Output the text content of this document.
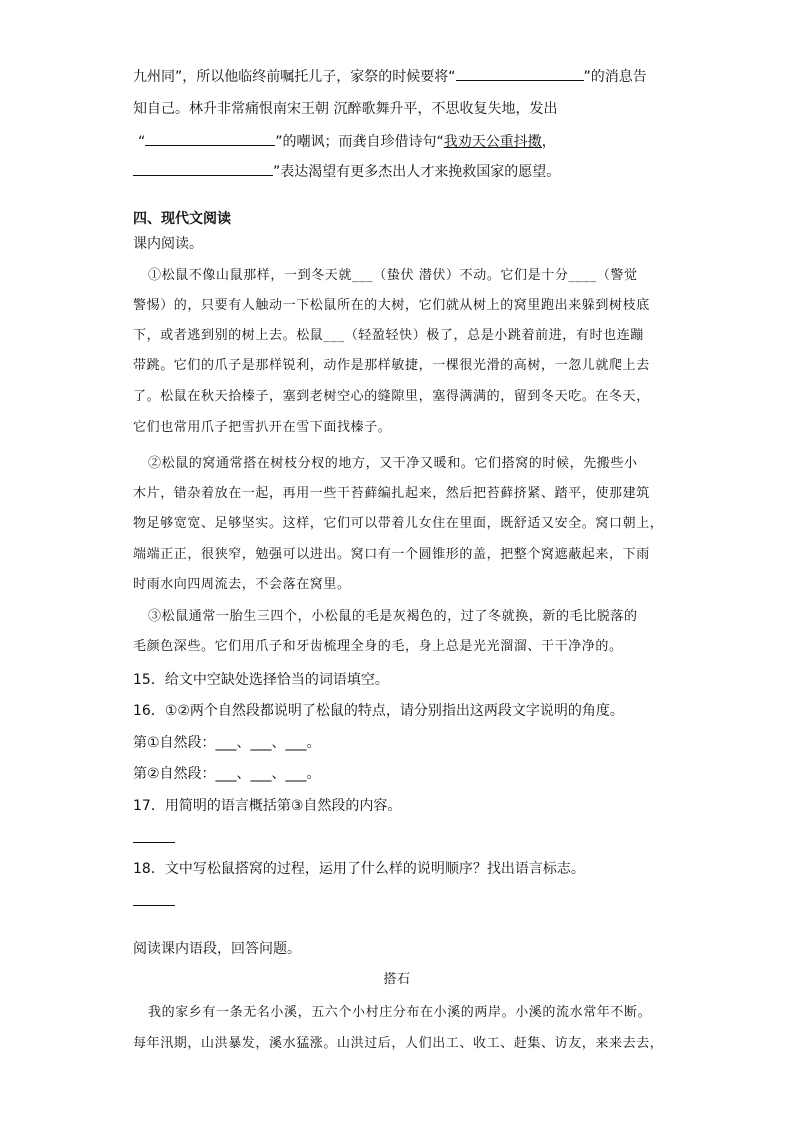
九州同”，所以他临终前嘱托儿子，家祭的时候要将“	”的消息告
知自己。林升非常痛恨南宋王朝 沉醉歌舞升平，不思收复失地，发出
“	”的嘲讽；而龚自珍借诗句“我劝天公重抖擞，
”表达渴望有更多杰出人才来挽救国家的愿望。
四、现代文阅读
课内阅读。
①松鼠不像山鼠那样，一到冬天就___（蛰伏 潜伏）不动。它们是十分____（警觉
警惕）的，只要有人触动一下松鼠所在的大树，它们就从树上的窝里跑出来躲到树枝底
下，或者逃到别的树上去。松鼠___（轻盈轻快）极了，总是小跳着前进，有时也连蹦
带跳。它们的爪子是那样锐利，动作是那样敏捷，一棵很光滑的高树，一忽儿就爬上去
了。松鼠在秋天拾榛子，塞到老树空心的缝隙里，塞得满满的，留到冬天吃。在冬天，
它们也常用爪子把雪扒开在雪下面找榛子。
②松鼠的窝通常搭在树枝分杈的地方，又干净又暖和。它们搭窝的时候，先搬些小
木片，错杂着放在一起，再用一些干苔藓编扎起来，然后把苔藓挤紧、踏平，使那建筑
物足够宽宽、足够坚实。这样，它们可以带着儿女住在里面，既舒适又安全。窝口朝上，
端端正正，很狭窄，勉强可以进出。窝口有一个圆锥形的盖，把整个窝遮蔽起来，下雨
时雨水向四周流去，不会落在窝里。
③松鼠通常一胎生三四个，小松鼠的毛是灰褐色的，过了冬就换，新的毛比脱落的
毛颜色深些。它们用爪子和牙齿梳理全身的毛，身上总是光光溜溜、干干净净的。
15．给文中空缺处选择恰当的词语填空。
16．①②两个自然段都说明了松鼠的特点，请分别指出这两段文字说明的角度。
第①自然段：___、___、___。
第②自然段：___、___、___。
17．用简明的语言概括第③自然段的内容。
18．文中写松鼠搭窝的过程，运用了什么样的说明顺序？找出语言标志。
阅读课内语段，回答问题。
搭石
我的家乡有一条无名小溪，五六个小村庄分布在小溪的两岸。小溪的流水常年不断。
每年汛期，山洪暴发，溪水猛涨。山洪过后，人们出工、收工、赶集、访友，来来去去，
